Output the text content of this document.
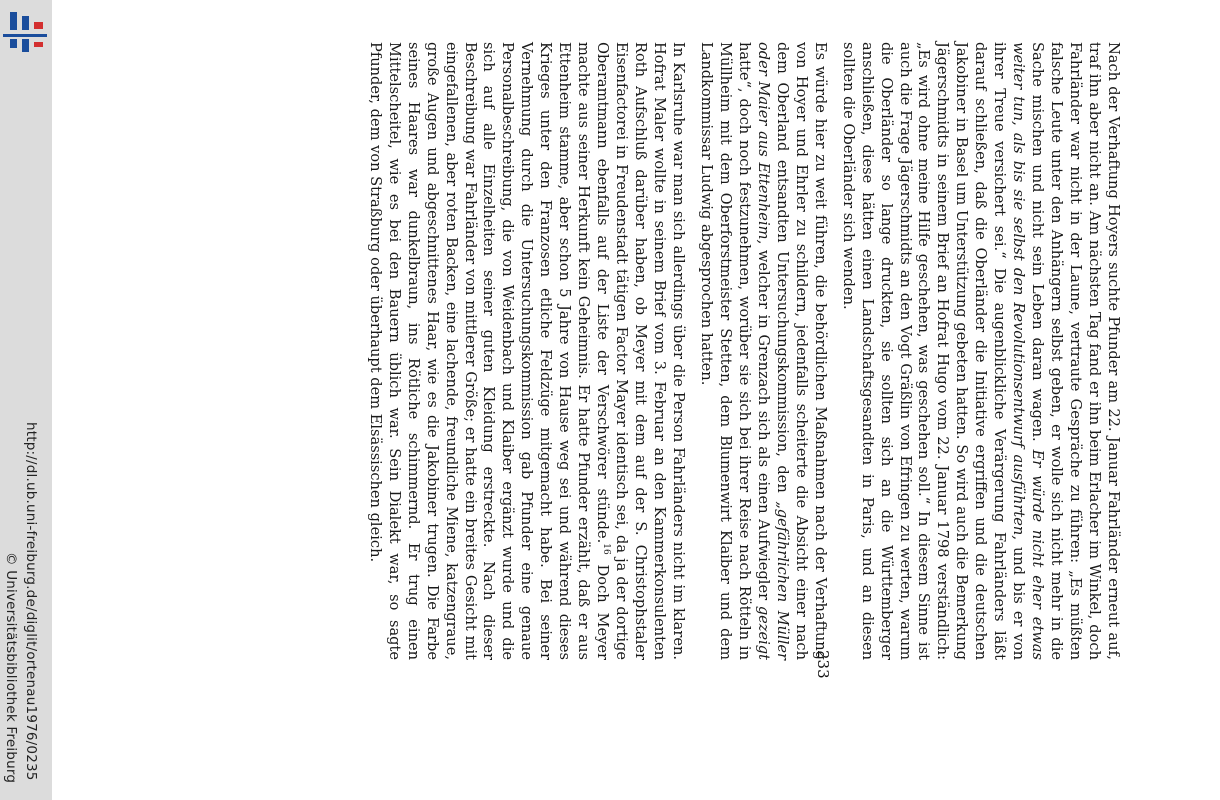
http://dl.ub.uni-freiburg.de/diglit/ortenau1976/0235
© Universitätsbibliothek Freiburg	233

Nach der Verhaftung Hoyers suchte Pfunder am 22. Januar Fahrländer erneut auf, traf ihn aber nicht an. Am nächsten Tag fand er ihn beim Erlacher im Winkel, doch Fahrländer war nicht in der Laune, vertraute Gespräche zu führen: „Es müßten falsche Leute unter den Anhängern selbst geben, er wolle sich nicht mehr in die Sache mischen und nicht sein Leben daran wagen. Er würde nicht eher etwas weiter tun, als bis sie selbst den Revolutionsentwurf ausführten, und bis er von ihrer Treue versichert sei.“ Die augenblickliche Verärgerung Fahrländers läßt darauf schließen, daß die Oberländer die Initiative ergriffen und die deutschen Jakobiner in Basel um Unterstützung gebeten hatten. So wird auch die Bemerkung Jägerschmidts in seinem Brief an Hofrat Hugo vom 22. Januar 1798 verständlich: „Es wird ohne meine Hilfe geschehen, was geschehen soll.“ In diesem Sinne ist auch die Frage Jägerschmidts an den Vogt Gräßlin von Efringen zu werten, warum die Oberländer so lange druckten, sie sollten sich an die Württemberger anschließen, diese hätten einen Landschaftsgesandten in Paris, und an diesen sollten die Oberländer sich wenden.

Es würde hier zu weit führen, die behördlichen Maßnahmen nach der Verhaftung von Hoyer und Ehrler zu schildern, jedenfalls scheiterte die Absicht einer nach dem Oberland entsandten Untersuchungskommission, den „gefährlichen Müller oder Maier aus Ettenheim, welcher in Grenzach sich als einen Aufwiegler gezeigt hatte“, doch noch festzunehmen, worüber sie sich bei ihrer Reise nach Rötteln in Müllheim mit dem Oberforstmeister Stetten, dem Blumenwirt Klaiber und dem Landkommissar Ludwig abgesprochen hatten.

In Karlsruhe war man sich allerdings über die Person Fahrländers nicht im klaren. Hofrat Maler wollte in seinem Brief vom 3. Februar an den Kammerkonsulenten Roth Aufschluß darüber haben, ob Meyer mit dem auf der S. Christophstaler Eisenfactorei in Freudenstadt tätigen Factor Mayer identisch sei, da ja der dortige Oberamtmann ebenfalls auf der Liste der Verschwörer stünde.$^{16}$ Doch Meyer machte aus seiner Herkunft kein Geheimnis. Er hatte Pfunder erzählt, daß er aus Ettenheim stamme, aber schon 5 Jahre von Hause weg sei und während dieses Krieges unter den Franzosen etliche Feldzüge mitgemacht habe. Bei seiner Vernehmung durch die Untersuchungskommission gab Pfunder eine genaue Personalbeschreibung, die von Weidenbach und Klaiber ergänzt wurde und die sich auf alle Einzelheiten seiner guten Kleidung erstreckte. Nach dieser Beschreibung war Fahrländer von mittlerer Größe; er hatte ein breites Gesicht mit eingefallenen, aber roten Backen, eine lachende, freundliche Miene, katzengraue, große Augen und abgeschnittenes Haar, wie es die Jakobiner trugen. Die Farbe seines Haares war dunkelbraun, ins Rötliche schimmernd. Er trug einen Mittelscheitel, wie es bei den Bauern üblich war. Sein Dialekt war, so sagte Pfunder, dem von Straßburg oder überhaupt dem Elsässischen gleich.
